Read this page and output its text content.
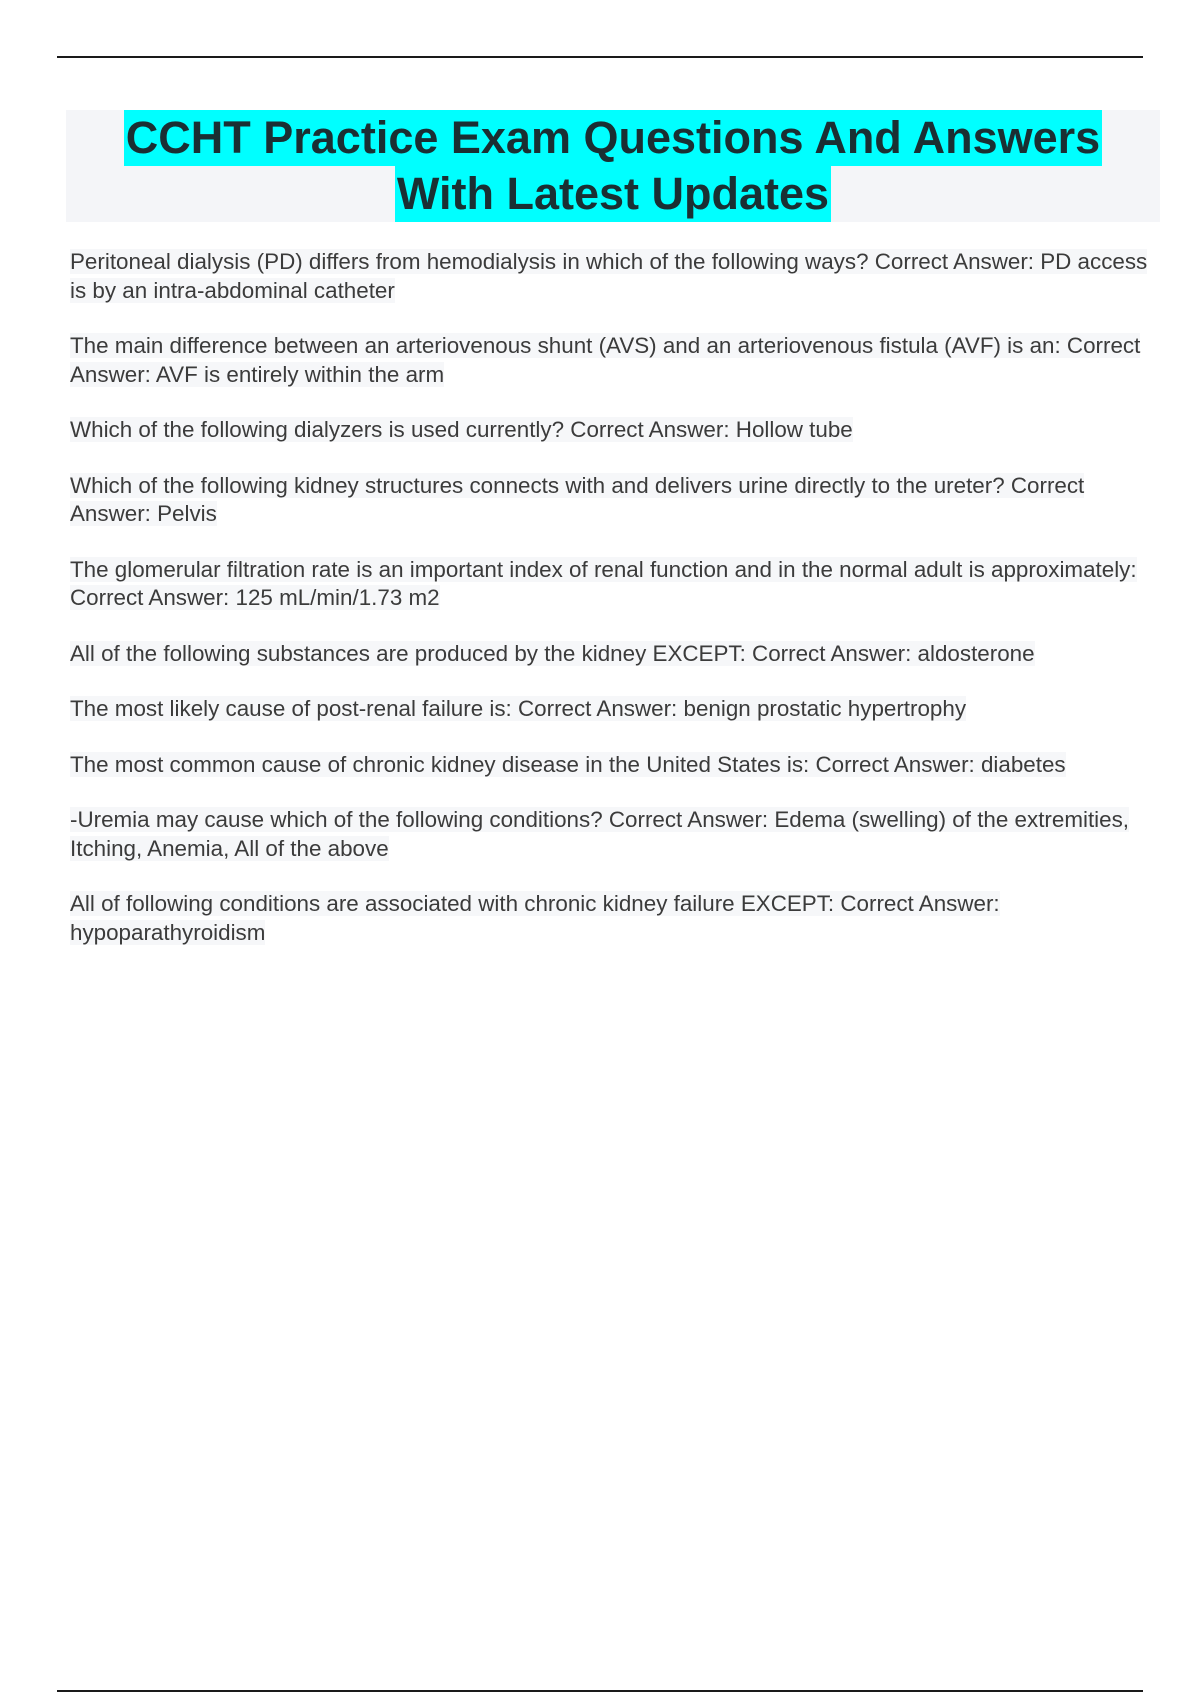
CCHT Practice Exam Questions And Answers
With Latest Updates
Peritoneal dialysis (PD) differs from hemodialysis in which of the following ways? Correct Answer: PD access is by an intra-abdominal catheter
The main difference between an arteriovenous shunt (AVS) and an arteriovenous fistula (AVF) is an: Correct Answer: AVF is entirely within the arm
Which of the following dialyzers is used currently? Correct Answer: Hollow tube
Which of the following kidney structures connects with and delivers urine directly to the ureter? Correct Answer: Pelvis
The glomerular filtration rate is an important index of renal function and in the normal adult is approximately: Correct Answer: 125 mL/min/1.73 m2
All of the following substances are produced by the kidney EXCEPT: Correct Answer: aldosterone
The most likely cause of post-renal failure is: Correct Answer: benign prostatic hypertrophy
The most common cause of chronic kidney disease in the United States is: Correct Answer: diabetes
-Uremia may cause which of the following conditions? Correct Answer: Edema (swelling) of the extremities, Itching, Anemia, All of the above
All of following conditions are associated with chronic kidney failure EXCEPT: Correct Answer: hypoparathyroidism
